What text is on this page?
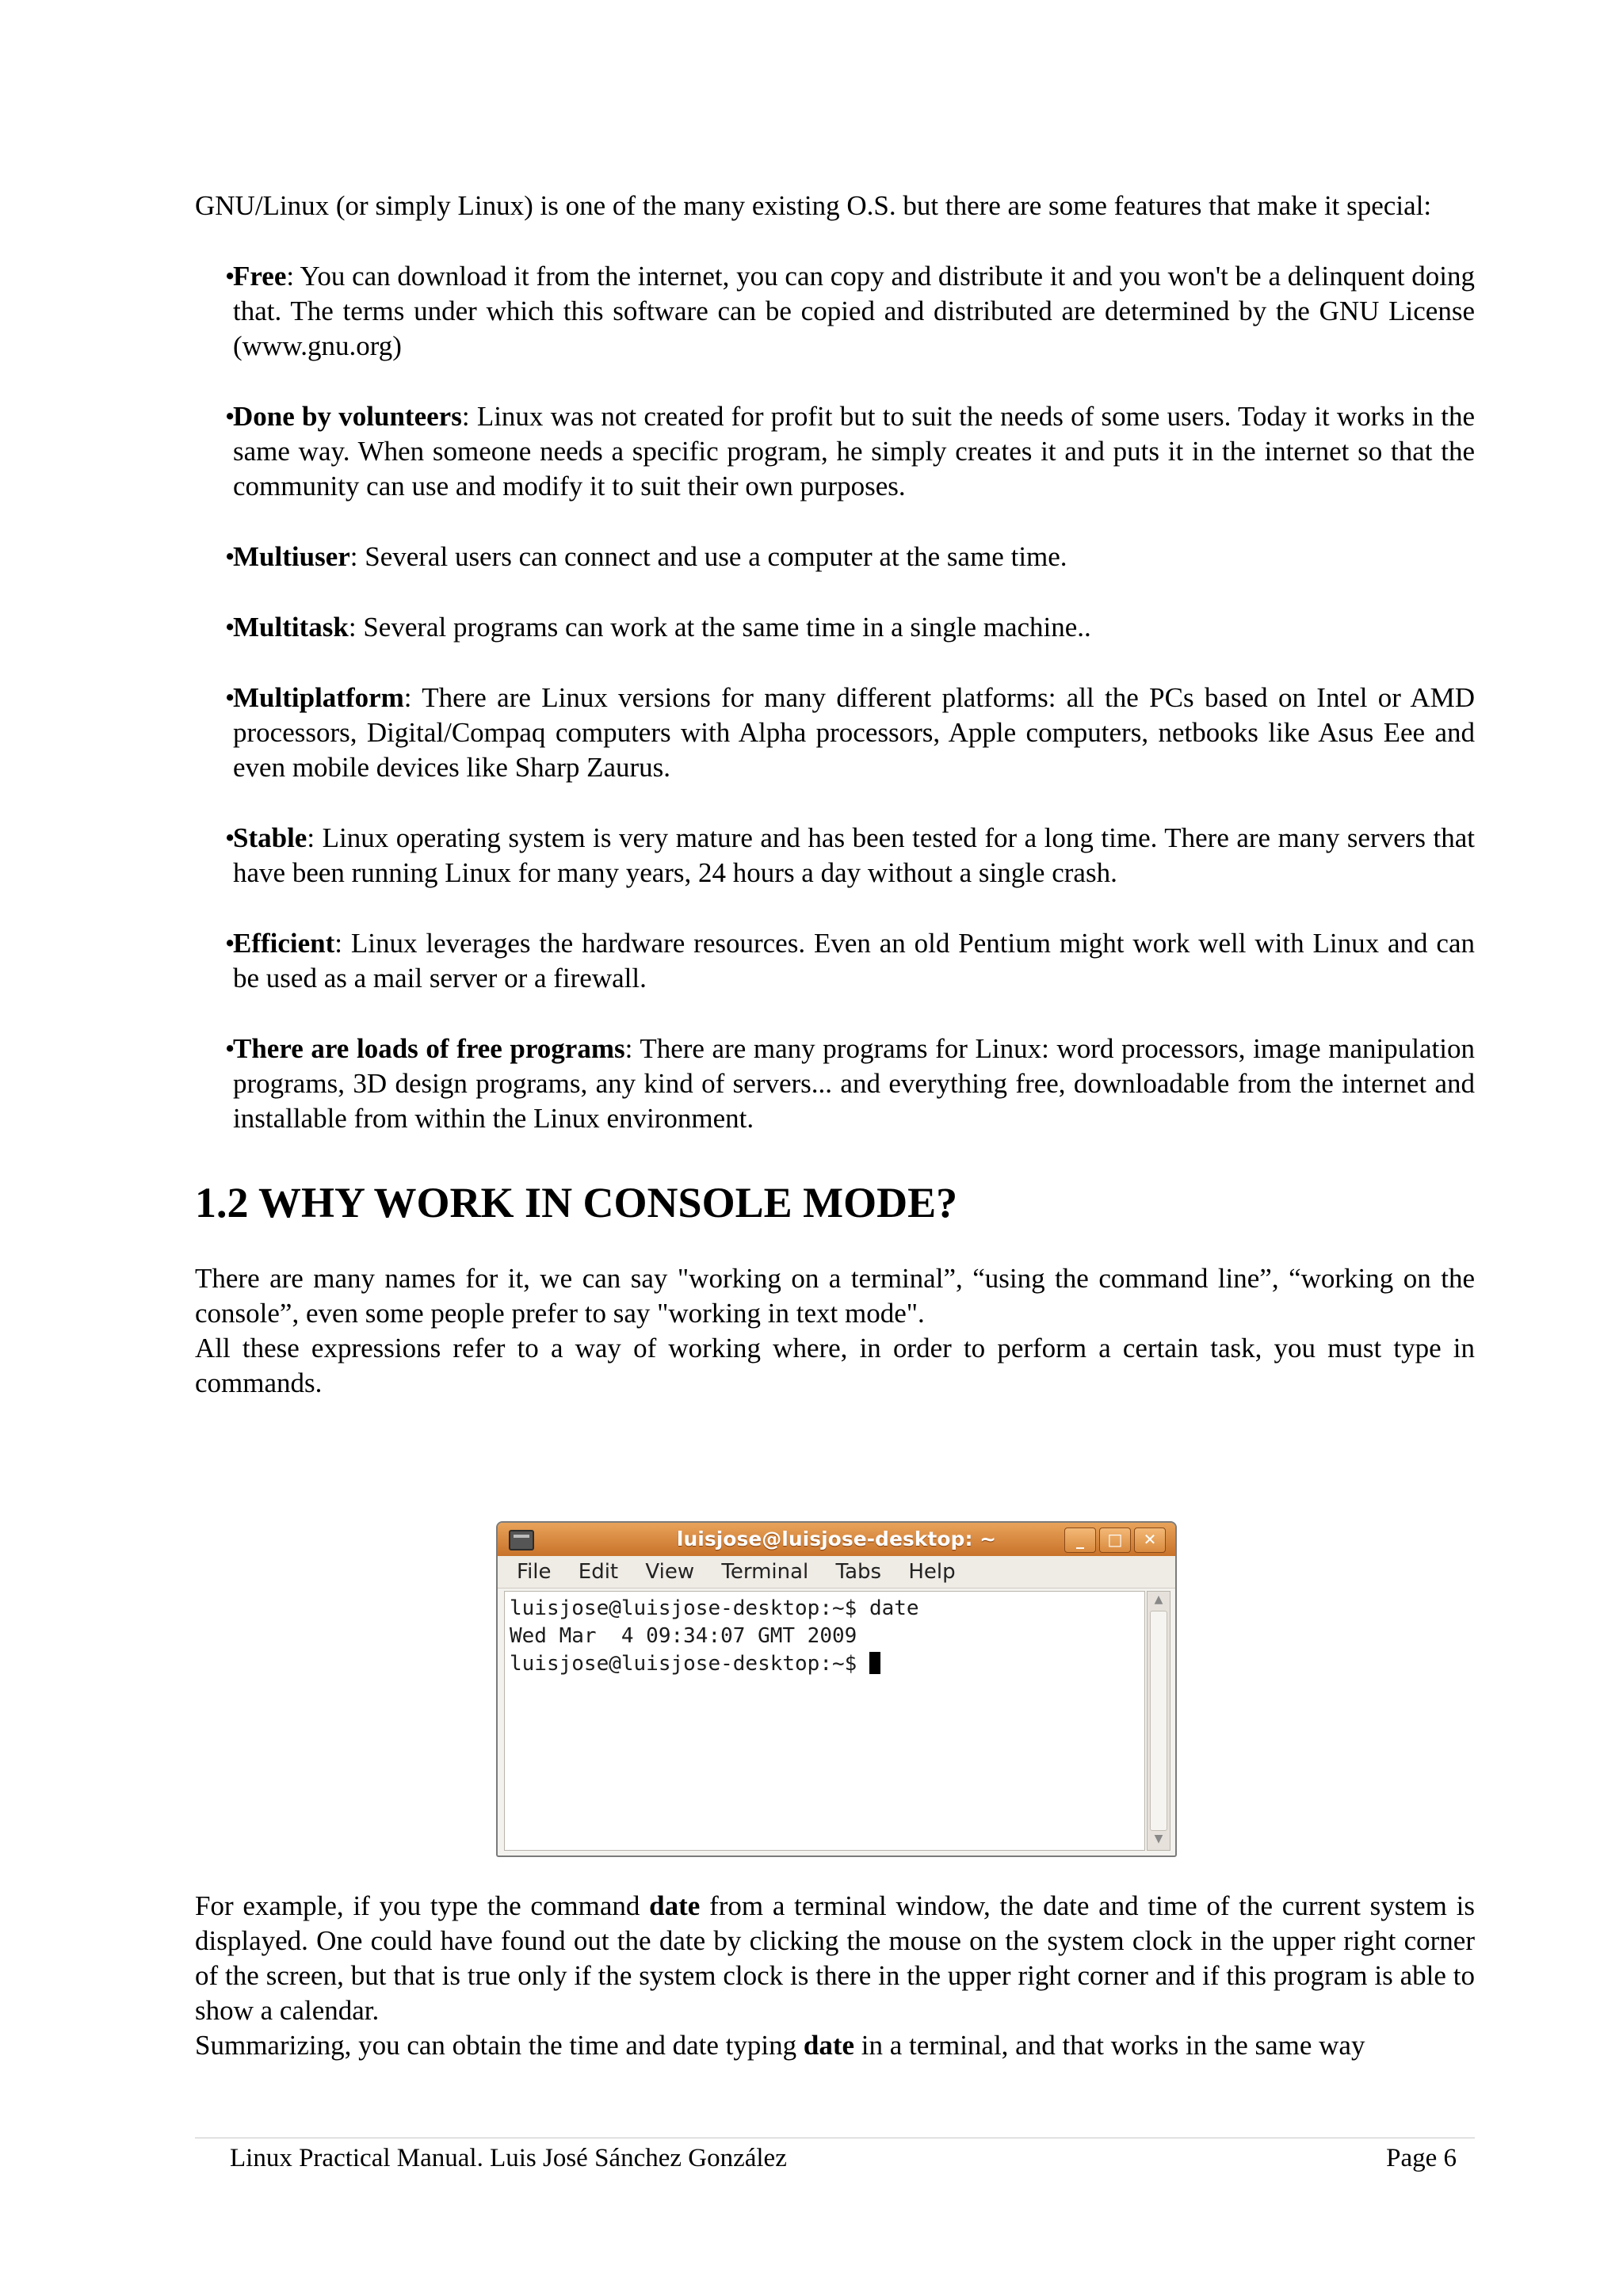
GNU/Linux (or simply Linux) is one of the many existing O.S. but there are some features that make it special:

•
Free: You can download it from the internet, you can copy and distribute it and you won't be a delinquent doing that. The terms under which this software can be copied and distributed are determined by the GNU License (www.gnu.org)
•
Done by volunteers: Linux was not created for profit but to suit the needs of some users. Today it works in the same way. When someone needs a specific program, he simply creates it and puts it in the internet so that the community can use and modify it to suit their own purposes.
•
Multiuser: Several users can connect and use a computer at the same time.
•
Multitask: Several programs can work at the same time in a single machine..
•
Multiplatform: There are Linux versions for many different platforms: all the PCs based on Intel or AMD processors, Digital/Compaq computers with Alpha processors, Apple computers, netbooks like Asus Eee and even mobile devices like Sharp Zaurus.
•
Stable: Linux operating system is very mature and has been tested for a long time. There are many servers that have been running Linux for many years, 24 hours a day without a single crash.
•
Efficient: Linux leverages the hardware resources. Even an old Pentium might work well with Linux and can be used as a mail server or a firewall.
•
There are loads of free programs: There are many programs for Linux: word processors, image manipulation programs, 3D design programs, any kind of servers... and everything free, downloadable from the internet and installable from within the Linux environment.
1.2 WHY WORK IN CONSOLE MODE?

There are many names for it, we can say "working on a terminal”, “using the command line”, “working on the console”, even some people prefer to say "working in text mode".

All these expressions refer to a way of working where, in order to perform a certain task, you must type in commands.

luisjose@luisjose-desktop: ~	_	□	✕
File Edit View Terminal Tabs Help
luisjose@luisjose-desktop:~$ date
Wed Mar  4 09:34:07 GMT 2009
luisjose@luisjose-desktop:~$
▲
▼

For example, if you type the command date from a terminal window, the date and time of the current system is displayed. One could have found out the date by clicking the mouse on the system clock in the upper right corner of the screen, but that is true only if the system clock is there in the upper right corner and if this program is able to show a calendar.

Summarizing, you can obtain the time and date typing date in a terminal, and that works in the same way

Linux Practical Manual. Luis José Sánchez González	Page 6
